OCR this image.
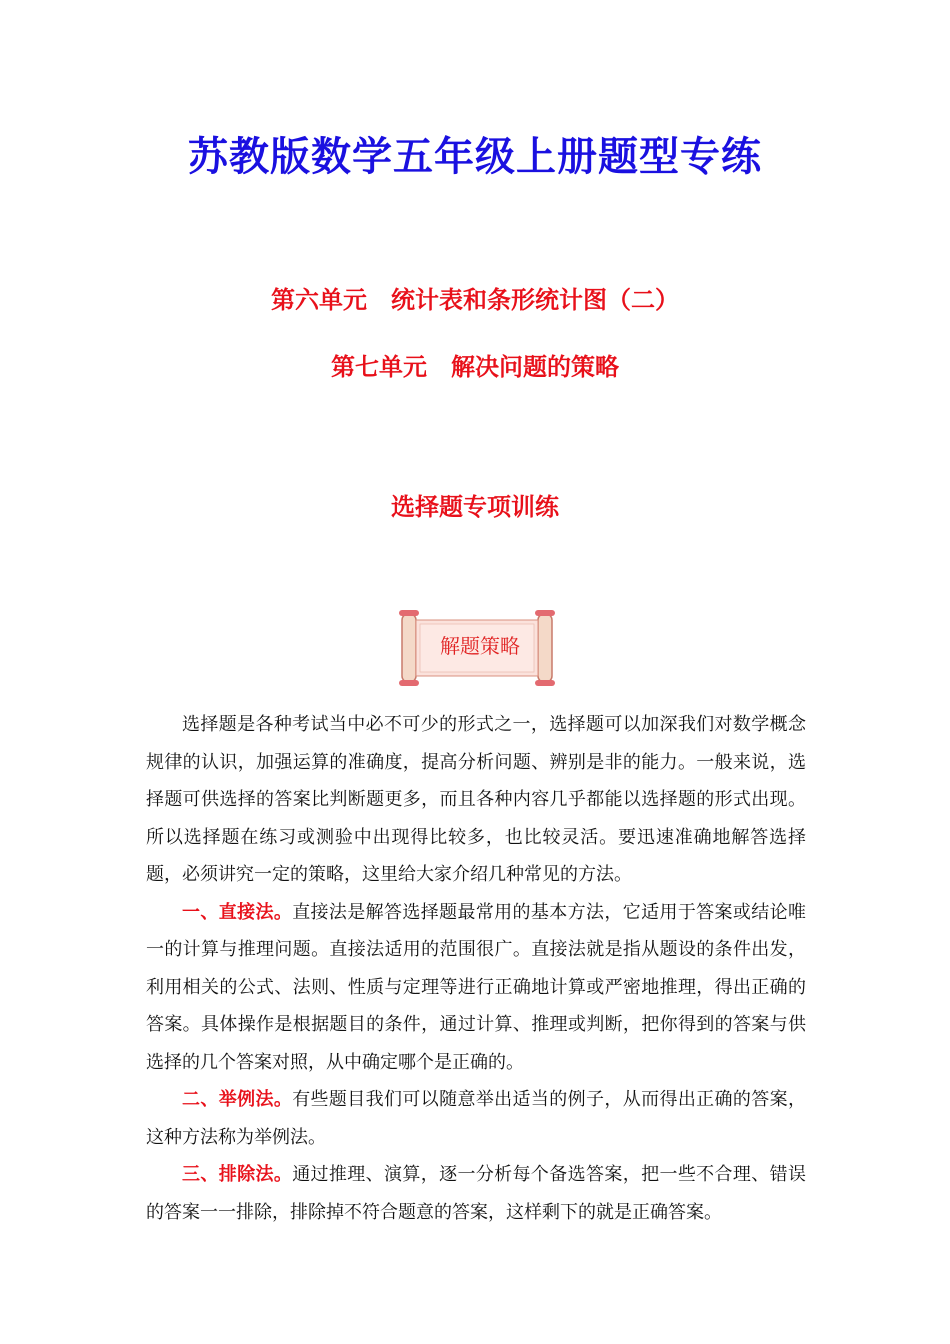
苏教版数学五年级上册题型专练
第六单元　统计表和条形统计图（二）
第七单元　解决问题的策略
选择题专项训练
解题策略

选择题是各种考试当中必不可少的形式之一，选择题可以加深我们对数学概念规律的认识，加强运算的准确度，提高分析问题、辨别是非的能力。一般来说，选择题可供选择的答案比判断题更多，而且各种内容几乎都能以选择题的形式出现。所以选择题在练习或测验中出现得比较多，也比较灵活。要迅速准确地解答选择题，必须讲究一定的策略，这里给大家介绍几种常见的方法。

一、直接法。直接法是解答选择题最常用的基本方法，它适用于答案或结论唯一的计算与推理问题。直接法适用的范围很广。直接法就是指从题设的条件出发，利用相关的公式、法则、性质与定理等进行正确地计算或严密地推理，得出正确的答案。具体操作是根据题目的条件，通过计算、推理或判断，把你得到的答案与供选择的几个答案对照，从中确定哪个是正确的。

二、举例法。有些题目我们可以随意举出适当的例子，从而得出正确的答案，这种方法称为举例法。

三、排除法。通过推理、演算，逐一分析每个备选答案，把一些不合理、错误的答案一一排除，排除掉不符合题意的答案，这样剩下的就是正确答案。
